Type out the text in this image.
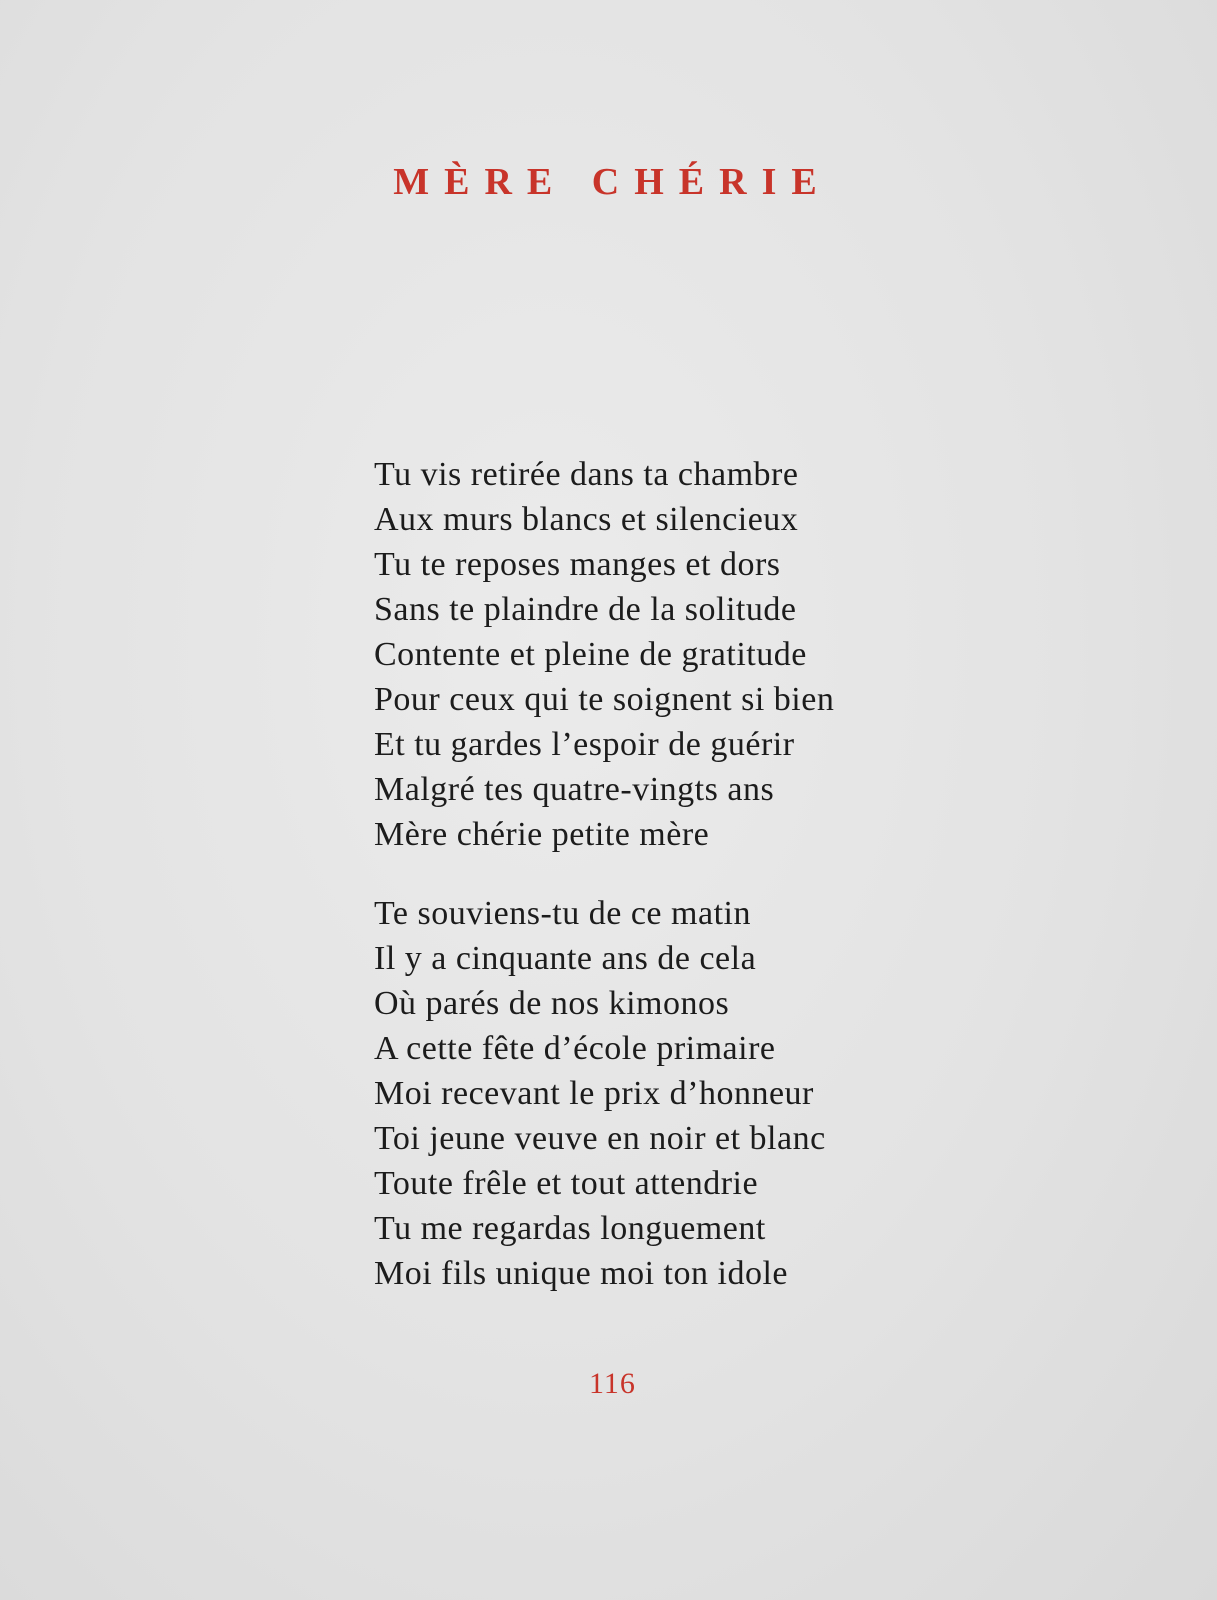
MÈRE CHÉRIE
Tu vis retirée dans ta chambre
Aux murs blancs et silencieux
Tu te reposes manges et dors
Sans te plaindre de la solitude
Contente et pleine de gratitude
Pour ceux qui te soignent si bien
Et tu gardes l’espoir de guérir
Malgré tes quatre-vingts ans
Mère chérie petite mère
Te souviens-tu de ce matin
Il y a cinquante ans de cela
Où parés de nos kimonos
A cette fête d’école primaire
Moi recevant le prix d’honneur
Toi jeune veuve en noir et blanc
Toute frêle et tout attendrie
Tu me regardas longuement
Moi fils unique moi ton idole
116
